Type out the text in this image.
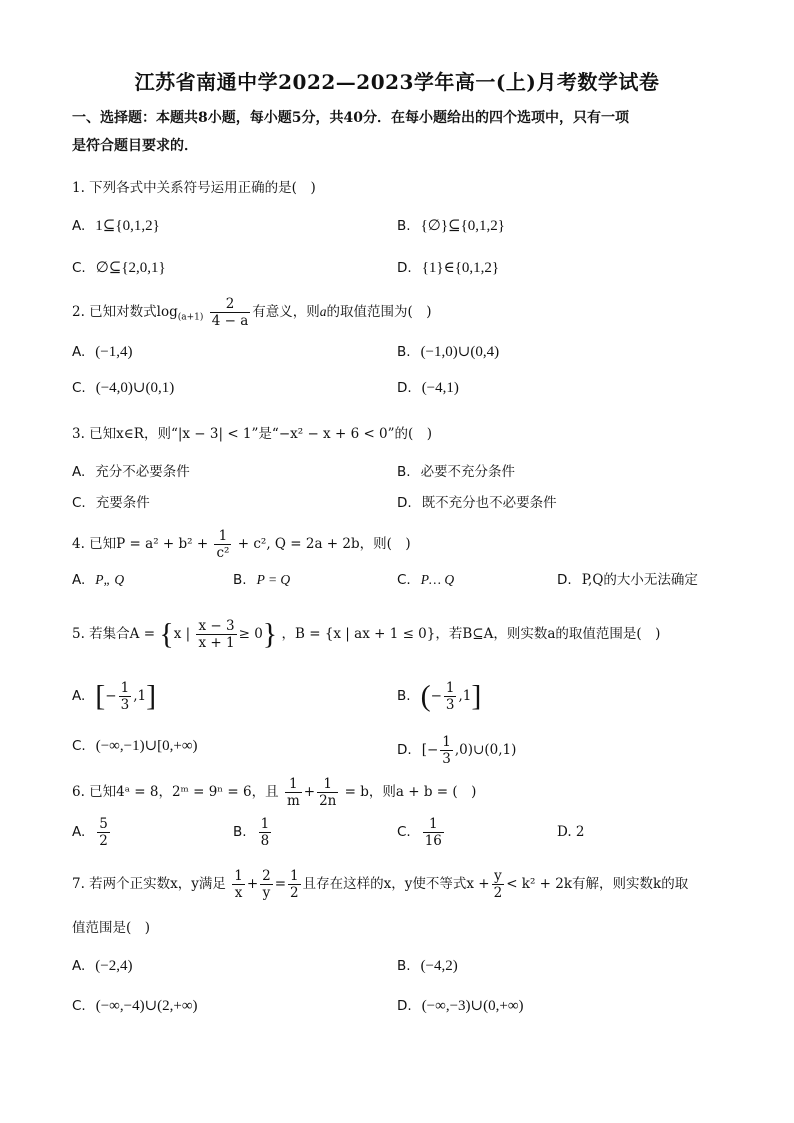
江苏省南通中学2022—2023学年高一(上)月考数学试卷
一、选择题：本题共8小题，每小题5分，共40分．在每小题给出的四个选项中，只有一项
是符合题目要求的．
1. 下列各式中关系符号运用正确的是(　)
A. 1⊆{0,1,2}	B. {∅}⊆{0,1,2}
C. ∅⊆{2,0,1}	D. {1}∈{0,1,2}
2. 已知对数式$\log_{(a+1)} \frac{2}{4 - a}$ 有意义，则a的取值范围为(　)
A. (−1,4)	B. (−1,0)∪(0,4)
C. (−4,0)∪(0,1)	D. (−4,1)
3. 已知x∈R，则“|x − 3| < 1”是“−x² − x + 6 < 0”的(　)
A. 充分不必要条件	B. 必要不充分条件
C. 充要条件	D. 既不充分也不必要条件
4. 已知$P = a^2 + b^2 + \frac{1}{\text{c²}} + c^2$, Q = 2a + 2b，则(　)
A. P„ Q	B. P = Q	C. P… Q	D. P,Q的大小无法确定
5. 若集合A = {x | $\frac{x - 3}{x + 1} \ge 0$} ，B = {x | ax + 1 ≤ 0}，若B⊆A，则实数a的取值范围是(　)
A. [− $\frac{1}{3} ,1$]	B. (− $\frac{1}{3} ,1$]
C. (−∞,−1)∪[0,+∞)	D. [− $\frac{1}{3}$ ,0)∪(0,1)
6. 已知4ᵃ = 8，2ᵐ = 9ⁿ = 6，且 $\frac{1}{m} + \frac{1}{2n} = b$，则a + b = (　)
A. $\frac{5}{2}$	B. $\frac{1}{8}$	C. $\frac{1}{16}$	D. 2
7. 若两个正实数x，y满足 $\frac{1}{x} + \frac{2}{y} = \frac{1}{2}$ 且存在这样的x，y使不等式$x + \frac{y}{2} < k^2 + 2k$有解，则实数k的取
值范围是(　)
A. (−2,4)	B. (−4,2)
C. (−∞,−4)∪(2,+∞)	D. (−∞,−3)∪(0,+∞)
